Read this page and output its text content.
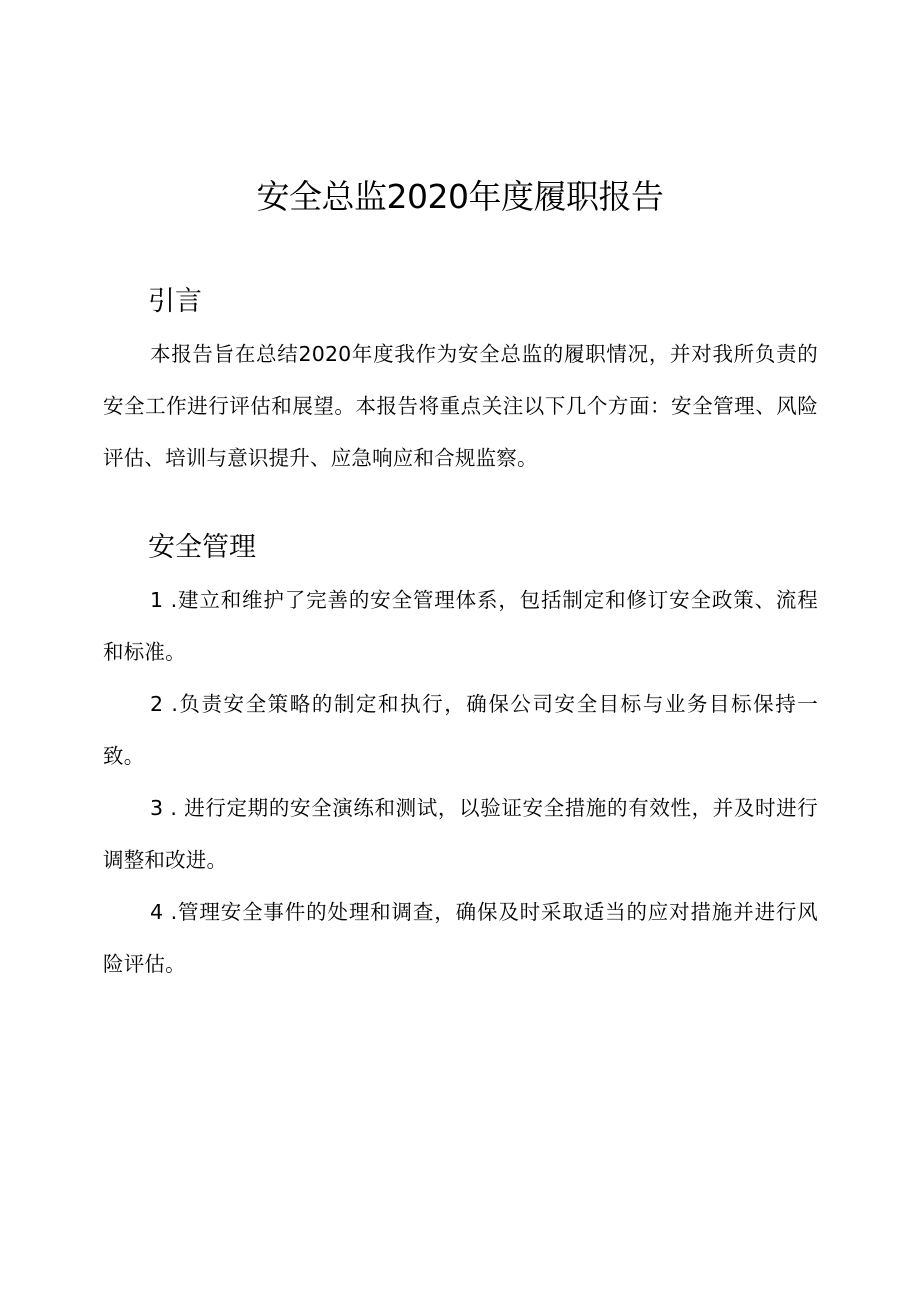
安全总监2020年度履职报告
引言

本报告旨在总结2020年度我作为安全总监的履职情况，并对我所负责的安全工作进行评估和展望。本报告将重点关注以下几个方面：安全管理、风险评估、培训与意识提升、应急响应和合规监察。

安全管理

1 .建立和维护了完善的安全管理体系，包括制定和修订安全政策、流程和标准。

2 .负责安全策略的制定和执行，确保公司安全目标与业务目标保持一致。

3 . 进行定期的安全演练和测试，以验证安全措施的有效性，并及时进行调整和改进。

4 .管理安全事件的处理和调查，确保及时采取适当的应对措施并进行风险评估。
